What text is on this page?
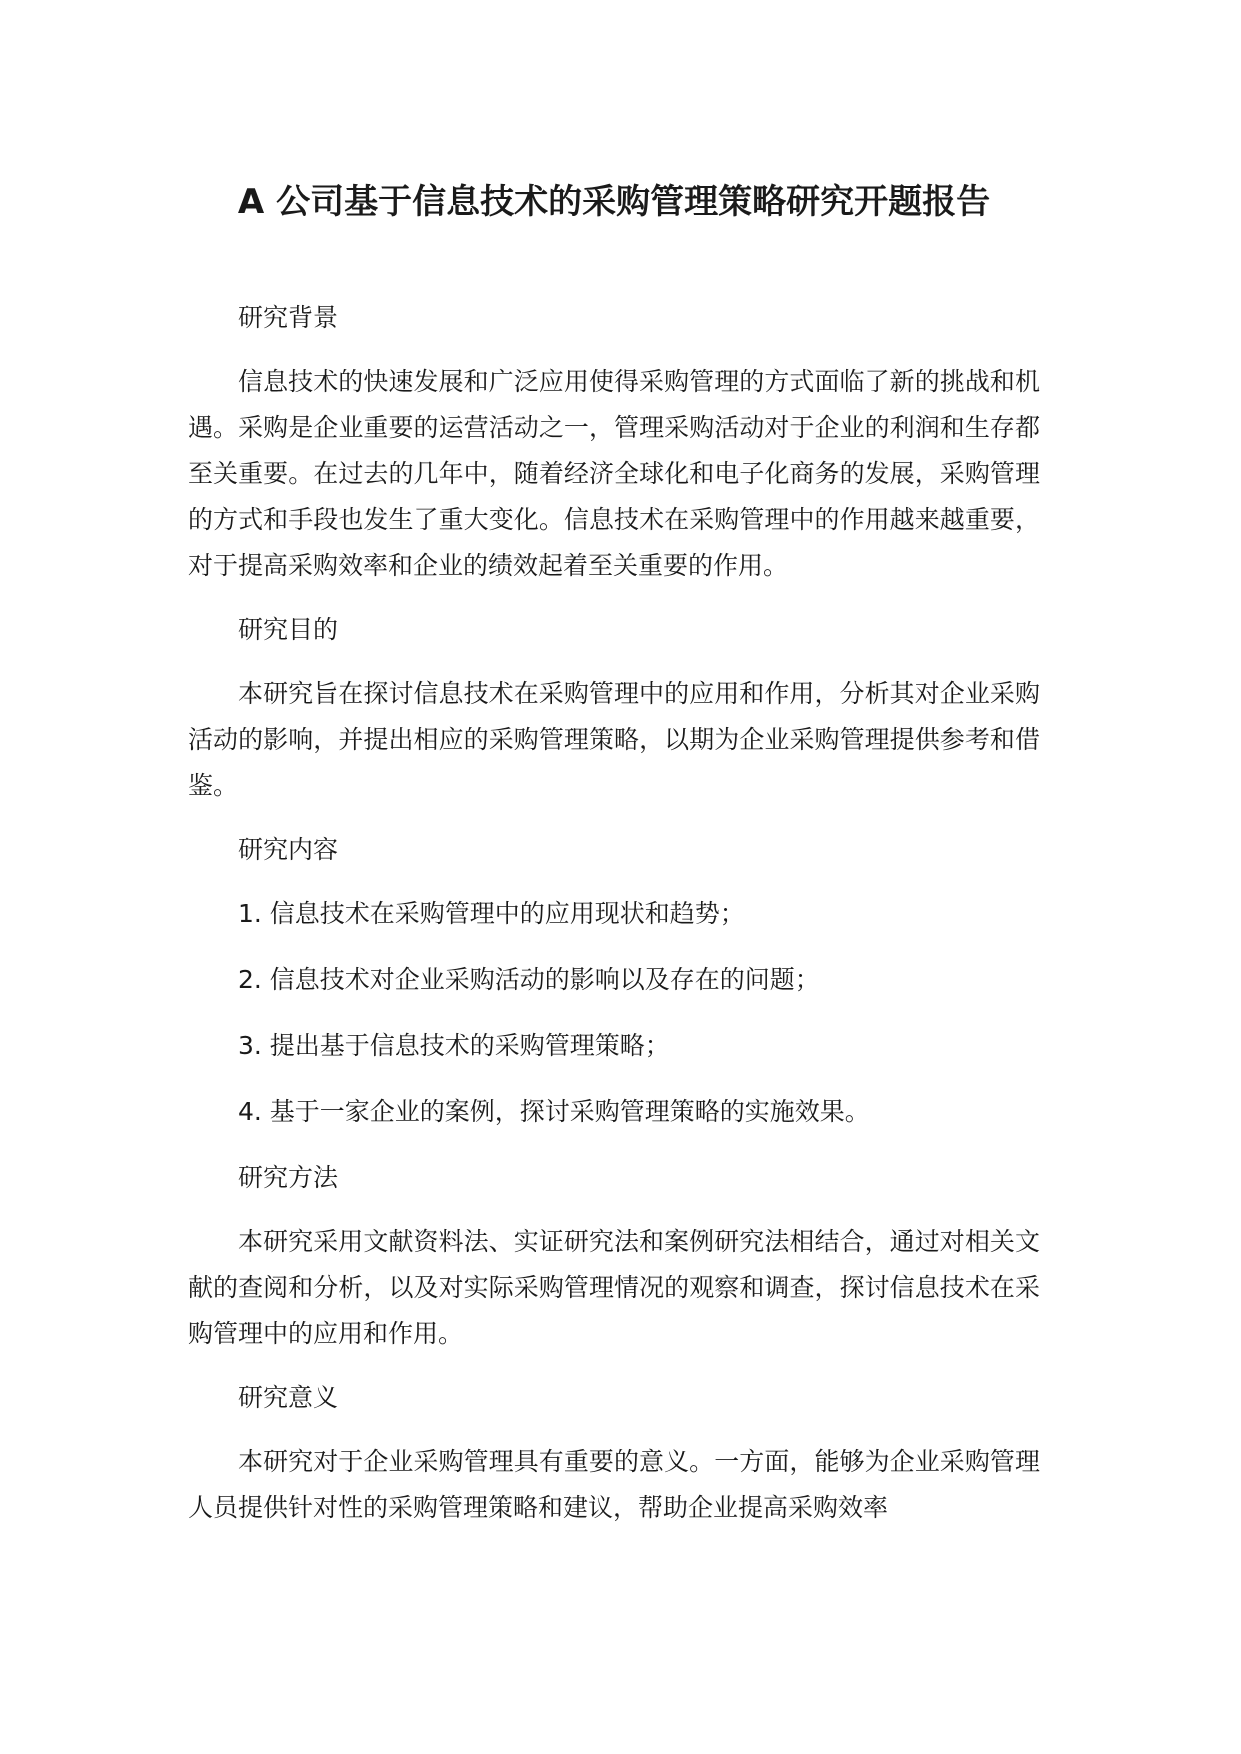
A 公司基于信息技术的采购管理策略研究开题报告

研究背景

信息技术的快速发展和广泛应用使得采购管理的方式面临了新的挑战和机遇。采购是企业重要的运营活动之一，管理采购活动对于企业的利润和生存都至关重要。在过去的几年中，随着经济全球化和电子化商务的发展，采购管理的方式和手段也发生了重大变化。信息技术在采购管理中的作用越来越重要，对于提高采购效率和企业的绩效起着至关重要的作用。

研究目的

本研究旨在探讨信息技术在采购管理中的应用和作用，分析其对企业采购活动的影响，并提出相应的采购管理策略，以期为企业采购管理提供参考和借鉴。

研究内容

1. 信息技术在采购管理中的应用现状和趋势；

2. 信息技术对企业采购活动的影响以及存在的问题；

3. 提出基于信息技术的采购管理策略；

4. 基于一家企业的案例，探讨采购管理策略的实施效果。

研究方法

本研究采用文献资料法、实证研究法和案例研究法相结合，通过对相关文献的查阅和分析，以及对实际采购管理情况的观察和调查，探讨信息技术在采购管理中的应用和作用。

研究意义

本研究对于企业采购管理具有重要的意义。一方面，能够为企业采购管理人员提供针对性的采购管理策略和建议，帮助企业提高采购效率
